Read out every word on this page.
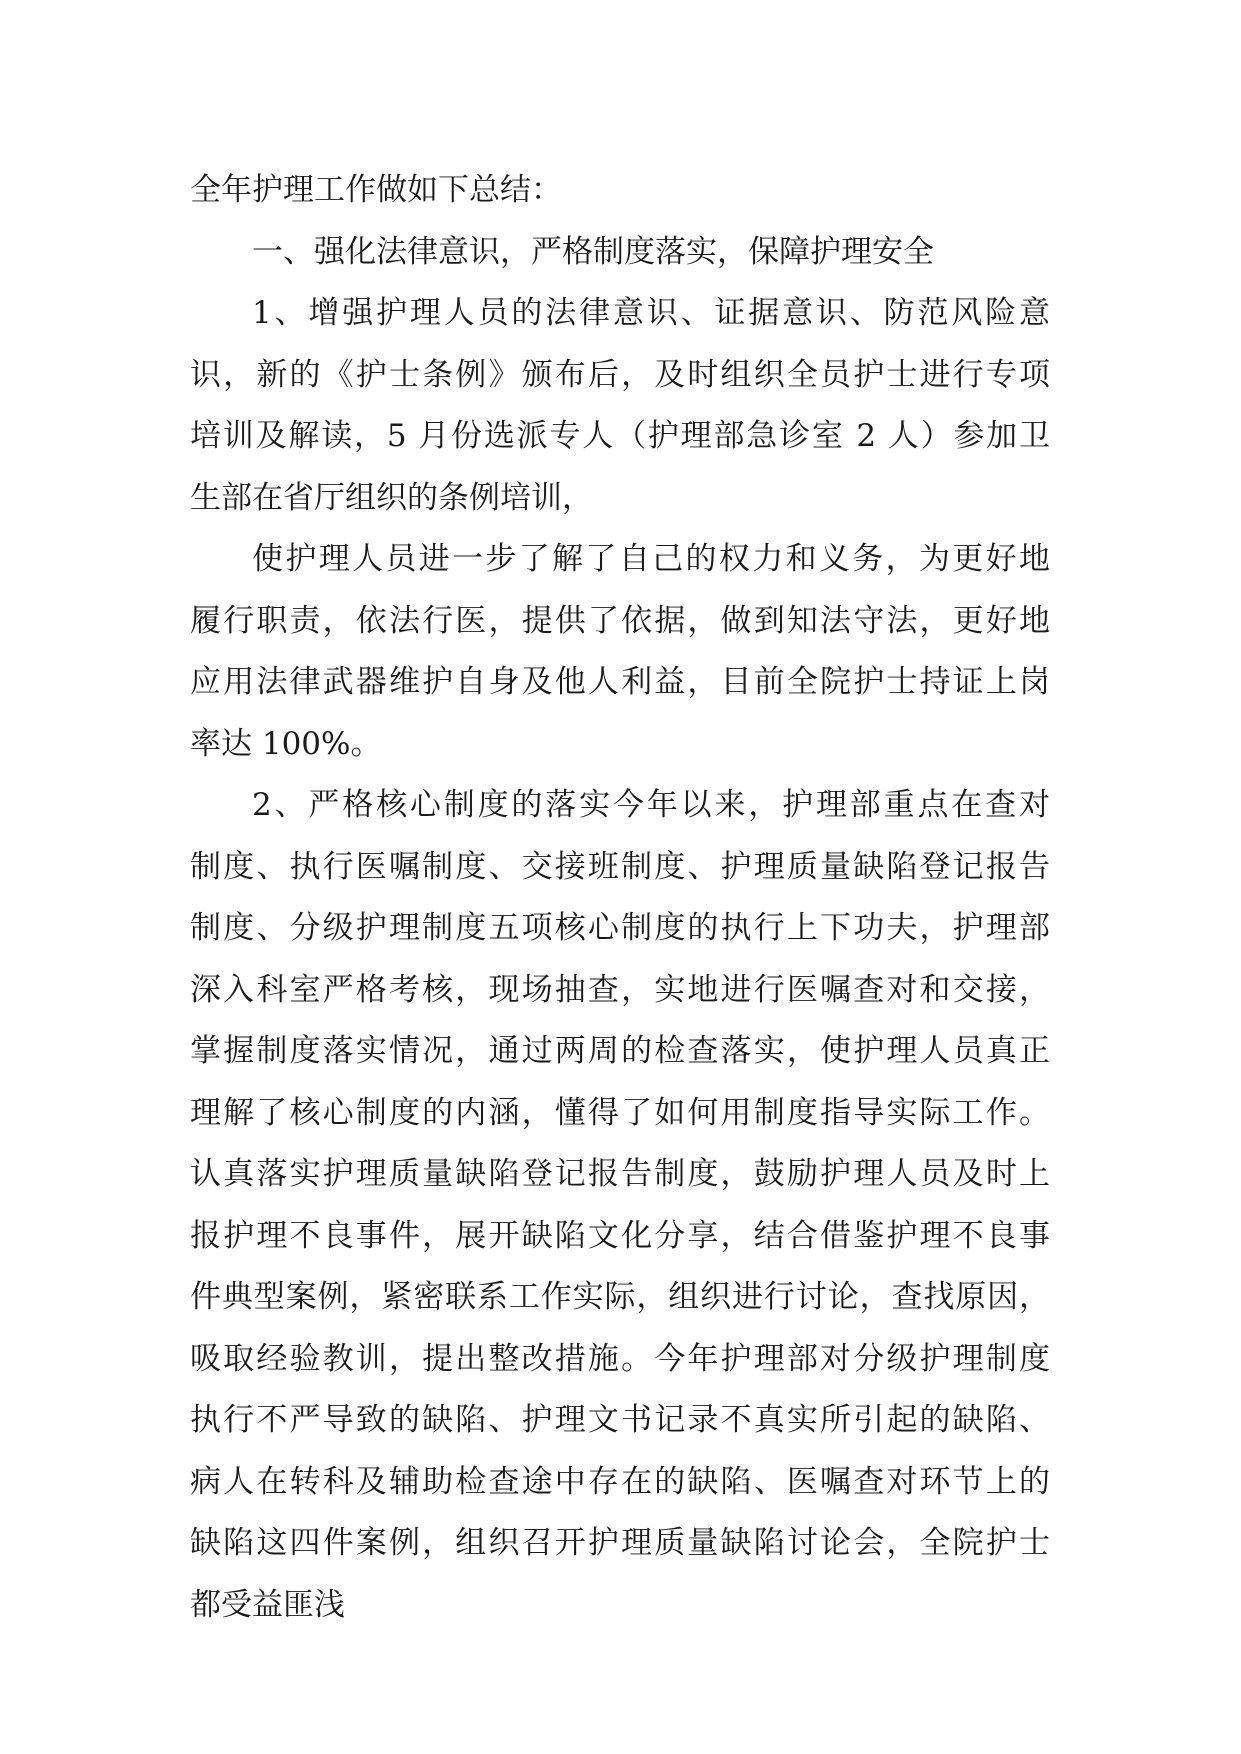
全年护理工作做如下总结：
一、强化法律意识，严格制度落实，保障护理安全
1、增强护理人员的法律意识、证据意识、防范风险意
识，新的《护士条例》颁布后，及时组织全员护士进行专项
培训及解读，5 月份选派专人（护理部急诊室 2 人）参加卫
生部在省厅组织的条例培训，
使护理人员进一步了解了自己的权力和义务，为更好地
履行职责，依法行医，提供了依据，做到知法守法，更好地
应用法律武器维护自身及他人利益，目前全院护士持证上岗
率达 100%。
2、严格核心制度的落实今年以来，护理部重点在查对
制度、执行医嘱制度、交接班制度、护理质量缺陷登记报告
制度、分级护理制度五项核心制度的执行上下功夫，护理部
深入科室严格考核，现场抽查，实地进行医嘱查对和交接，
掌握制度落实情况，通过两周的检查落实，使护理人员真正
理解了核心制度的内涵，懂得了如何用制度指导实际工作。
认真落实护理质量缺陷登记报告制度，鼓励护理人员及时上
报护理不良事件，展开缺陷文化分享，结合借鉴护理不良事
件典型案例，紧密联系工作实际，组织进行讨论，查找原因，
吸取经验教训，提出整改措施。今年护理部对分级护理制度
执行不严导致的缺陷、护理文书记录不真实所引起的缺陷、
病人在转科及辅助检查途中存在的缺陷、医嘱查对环节上的
缺陷这四件案例，组织召开护理质量缺陷讨论会，全院护士
都受益匪浅
